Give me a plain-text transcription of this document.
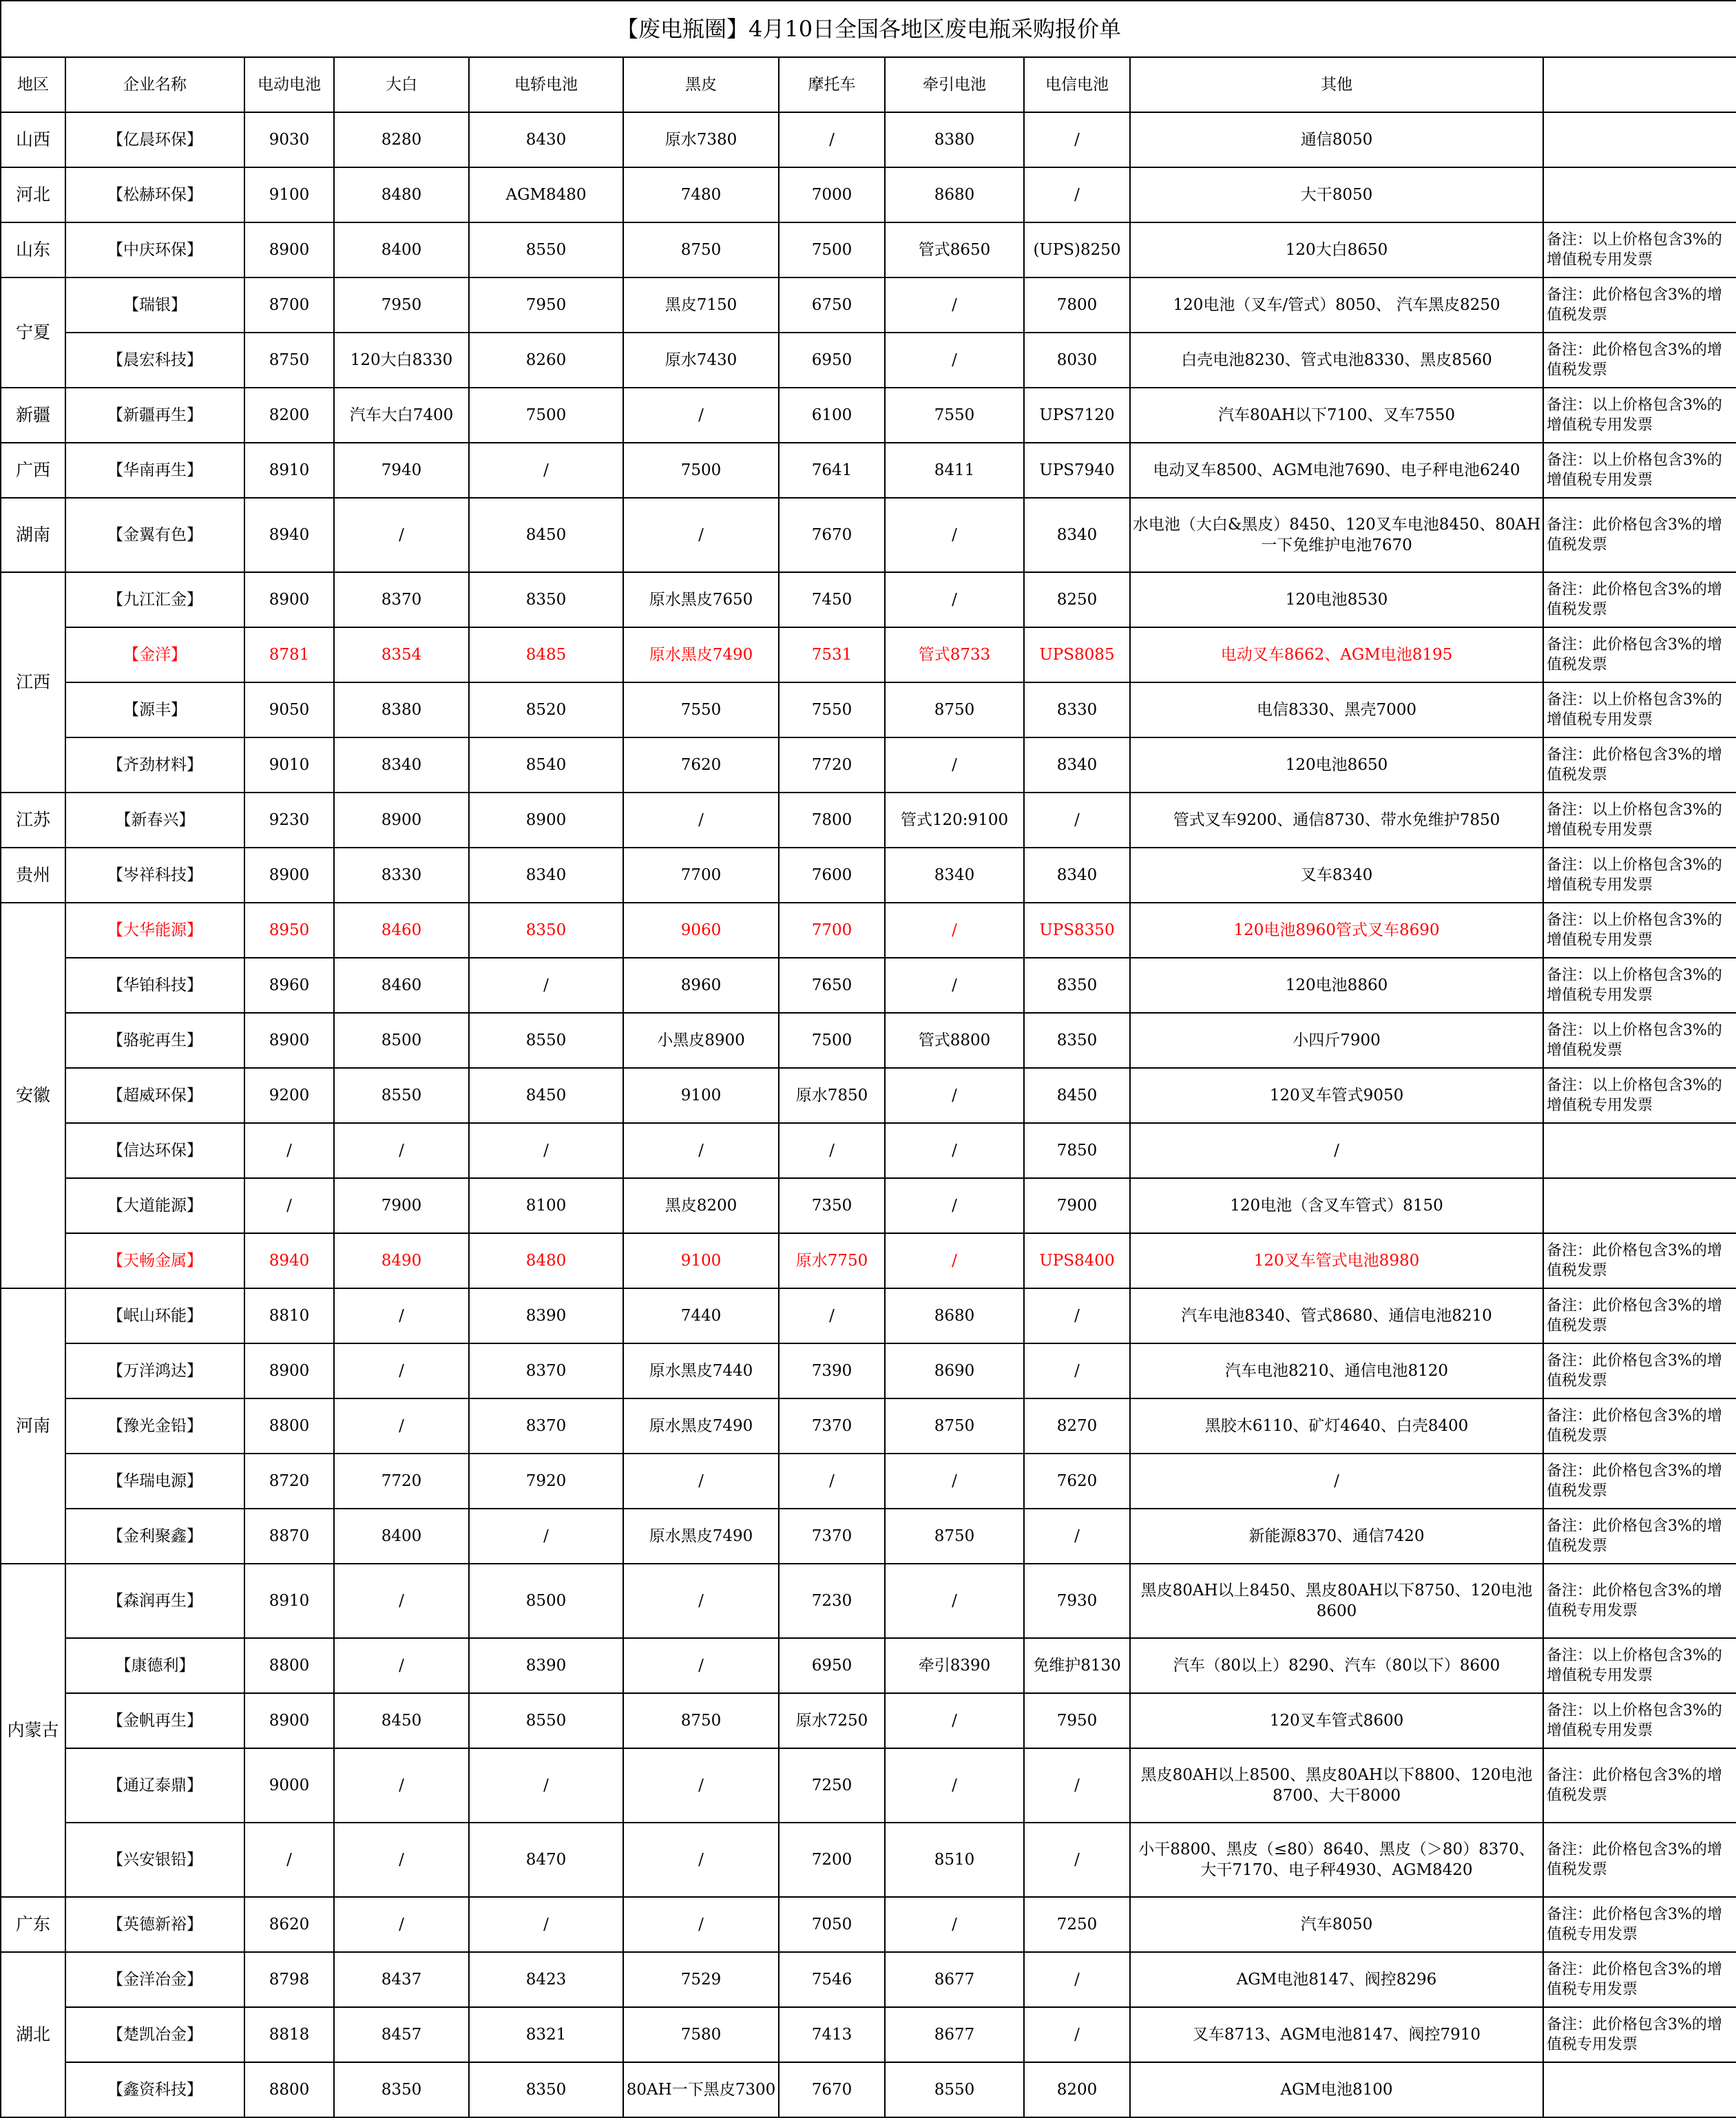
【废电瓶圈】4月10日全国各地区废电瓶采购报价单										
地区	企业名称	电动电池	大白	电轿电池	黑皮	摩托车	牵引电池	电信电池	其他	
山西	【亿晨环保】	9030	8280	8430	原水7380	/	8380	/	通信8050	
河北	【松赫环保】	9100	8480	AGM8480	7480	7000	8680	/	大干8050	
山东	【中庆环保】	8900	8400	8550	8750	7500	管式8650	(UPS)8250	120大白8650	备注：以上价格包含3%的增值税专用发票
宁夏	【瑞银】	8700	7950	7950	黑皮7150	6750	/	7800	120电池（叉车/管式）8050、 汽车黑皮8250	备注：此价格包含3%的增值税发票
	【晨宏科技】	8750	120大白8330	8260	原水7430	6950	/	8030	白壳电池8230、管式电池8330、黑皮8560	备注：此价格包含3%的增值税发票
新疆	【新疆再生】	8200	汽车大白7400	7500	/	6100	7550	UPS7120	汽车80AH以下7100、叉车7550	备注：以上价格包含3%的增值税专用发票
广西	【华南再生】	8910	7940	/	7500	7641	8411	UPS7940	电动叉车8500、AGM电池7690、电子秤电池6240	备注：以上价格包含3%的增值税专用发票
湖南	【金翼有色】	8940	/	8450	/	7670	/	8340	水电池（大白&黑皮）8450、120叉车电池8450、80AH一下免维护电池7670	备注：此价格包含3%的增值税发票
江西	【九江汇金】	8900	8370	8350	原水黑皮7650	7450	/	8250	120电池8530	备注：此价格包含3%的增值税发票
	【金洋】	8781	8354	8485	原水黑皮7490	7531	管式8733	UPS8085	电动叉车8662、AGM电池8195	备注：此价格包含3%的增值税发票
	【源丰】	9050	8380	8520	7550	7550	8750	8330	电信8330、黑壳7000	备注：以上价格包含3%的增值税专用发票
	【齐劲材料】	9010	8340	8540	7620	7720	/	8340	120电池8650	备注：此价格包含3%的增值税发票
江苏	【新春兴】	9230	8900	8900	/	7800	管式120:9100	/	管式叉车9200、通信8730、带水免维护7850	备注：以上价格包含3%的增值税专用发票
贵州	【岑祥科技】	8900	8330	8340	7700	7600	8340	8340	叉车8340	备注：以上价格包含3%的增值税专用发票
安徽	【大华能源】	8950	8460	8350	9060	7700	/	UPS8350	120电池8960管式叉车8690	备注：以上价格包含3%的增值税专用发票
	【华铂科技】	8960	8460	/	8960	7650	/	8350	120电池8860	备注：以上价格包含3%的增值税专用发票
	【骆驼再生】	8900	8500	8550	小黑皮8900	7500	管式8800	8350	小四斤7900	备注：以上价格包含3%的增值税发票
	【超威环保】	9200	8550	8450	9100	原水7850	/	8450	120叉车管式9050	备注：以上价格包含3%的增值税专用发票
	【信达环保】	/	/	/	/	/	/	7850	/	
	【大道能源】	/	7900	8100	黑皮8200	7350	/	7900	120电池（含叉车管式）8150	
	【天畅金属】	8940	8490	8480	9100	原水7750	/	UPS8400	120叉车管式电池8980	备注：此价格包含3%的增值税发票
河南	【岷山环能】	8810	/	8390	7440	/	8680	/	汽车电池8340、管式8680、通信电池8210	备注：此价格包含3%的增值税发票
	【万洋鸿达】	8900	/	8370	原水黑皮7440	7390	8690	/	汽车电池8210、通信电池8120	备注：此价格包含3%的增值税发票
	【豫光金铅】	8800	/	8370	原水黑皮7490	7370	8750	8270	黑胶木6110、矿灯4640、白壳8400	备注：此价格包含3%的增值税发票
	【华瑞电源】	8720	7720	7920	/	/	/	7620	/	备注：此价格包含3%的增值税发票
	【金利聚鑫】	8870	8400	/	原水黑皮7490	7370	8750	/	新能源8370、通信7420	备注：此价格包含3%的增值税发票
内蒙古	【森润再生】	8910	/	8500	/	7230	/	7930	黑皮80AH以上8450、黑皮80AH以下8750、120电池8600	备注：此价格包含3%的增值税专用发票
	【康德利】	8800	/	8390	/	6950	牵引8390	免维护8130	汽车（80以上）8290、汽车（80以下）8600	备注：以上价格包含3%的增值税专用发票
	【金帆再生】	8900	8450	8550	8750	原水7250	/	7950	120叉车管式8600	备注：以上价格包含3%的增值税专用发票
	【通辽泰鼎】	9000	/	/	/	7250	/	/	黑皮80AH以上8500、黑皮80AH以下8800、120电池8700、大干8000	备注：此价格包含3%的增值税发票
	【兴安银铅】	/	/	8470	/	7200	8510	/	小干8800、黑皮（≤80）8640、黑皮（＞80）8370、大干7170、电子秤4930、AGM8420	备注：此价格包含3%的增值税发票
广东	【英德新裕】	8620	/	/	/	7050	/	7250	汽车8050	备注：此价格包含3%的增值税专用发票
湖北	【金洋冶金】	8798	8437	8423	7529	7546	8677	/	AGM电池8147、阀控8296	备注：此价格包含3%的增值税专用发票
	【楚凯冶金】	8818	8457	8321	7580	7413	8677	/	叉车8713、AGM电池8147、阀控7910	备注：此价格包含3%的增值税专用发票
	【鑫资科技】	8800	8350	8350	80AH一下黑皮7300	7670	8550	8200	AGM电池8100	
